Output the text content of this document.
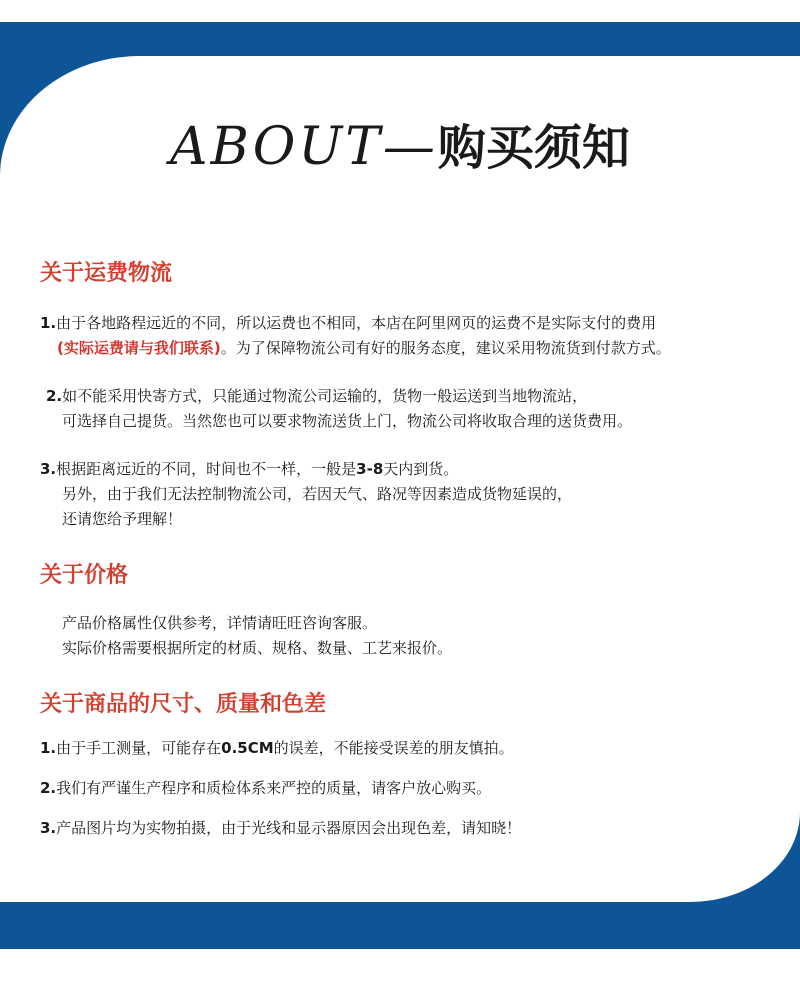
ABOUT—购买须知
关于运费物流

1.由于各地路程远近的不同，所以运费也不相同，本店在阿里网页的运费不是实际支付的费用

(实际运费请与我们联系)。为了保障物流公司有好的服务态度，建议采用物流货到付款方式。

2.如不能采用快寄方式，只能通过物流公司运输的，货物一般运送到当地物流站，

可选择自己提货。当然您也可以要求物流送货上门，物流公司将收取合理的送货费用。

3.根据距离远近的不同，时间也不一样，一般是3-8天内到货。

另外，由于我们无法控制物流公司，若因天气、路况等因素造成货物延误的，

还请您给予理解！

关于价格

产品价格属性仅供参考，详情请旺旺咨询客服。

实际价格需要根据所定的材质、规格、数量、工艺来报价。

关于商品的尺寸、质量和色差

1.由于手工测量，可能存在0.5CM的误差，不能接受误差的朋友慎拍。

2.我们有严谨生产程序和质检体系来严控的质量，请客户放心购买。

3.产品图片均为实物拍摄，由于光线和显示器原因会出现色差，请知晓！
